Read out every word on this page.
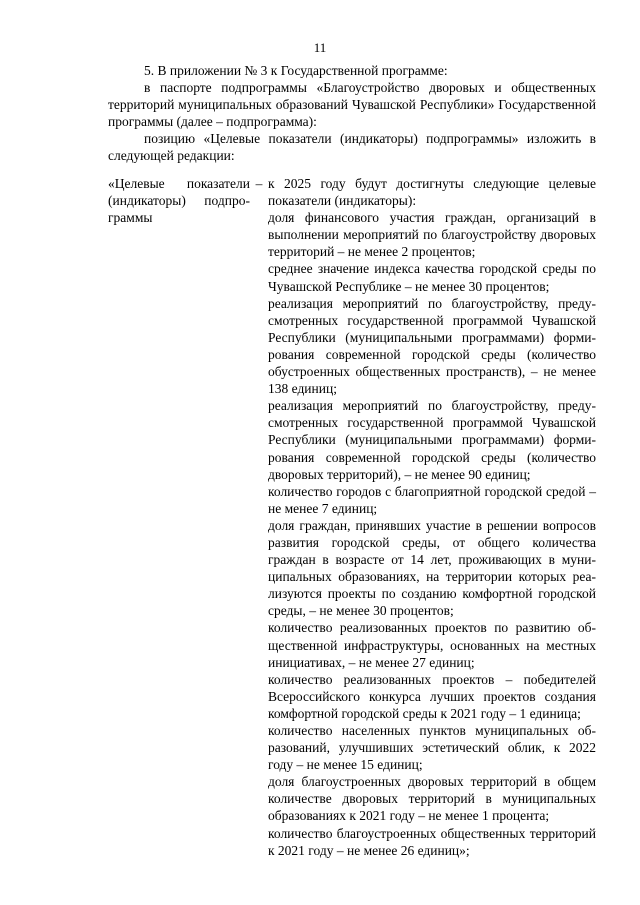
11

5. В приложении № 3 к Государственной программе:

в паспорте подпрограммы «Благоустройство дворовых и общественных территорий муниципальных образований Чувашской Республики» Государственной программы (далее – подпрограмма):

позицию «Целевые показатели (индикаторы) подпрограммы» изложить в следующей редакции:

«Целевые показатели (индикаторы) подпрограммы
– к 2025 году будут достигнуты следующие целевые показатели (индикаторы):
доля финансового участия граждан, организаций в выполнении мероприятий по благоустройству дворовых территорий – не менее 2 процентов;
среднее значение индекса качества городской среды по Чувашской Республике – не менее 30 процентов;
реализация мероприятий по благоустройству, предусмотренных государственной программой Чувашской Республики (муниципальными программами) формирования современной городской среды (количество обустроенных общественных пространств), – не менее 138 единиц;
реализация мероприятий по благоустройству, предусмотренных государственной программой Чувашской Республики (муниципальными программами) формирования современной городской среды (количество дворовых территорий), – не менее 90 единиц;
количество городов с благоприятной городской средой – не менее 7 единиц;
доля граждан, принявших участие в решении вопросов развития городской среды, от общего количества граждан в возрасте от 14 лет, проживающих в муниципальных образованиях, на территории которых реализуются проекты по созданию комфортной городской среды, – не менее 30 процентов;
количество реализованных проектов по развитию общественной инфраструктуры, основанных на местных инициативах, – не менее 27 единиц;
количество реализованных проектов – победителей Всероссийского конкурса лучших проектов создания комфортной городской среды к 2021 году – 1 единица;
количество населенных пунктов муниципальных образований, улучшивших эстетический облик, к 2022 году – не менее 15 единиц;
доля благоустроенных дворовых территорий в общем количестве дворовых территорий в муниципальных образованиях к 2021 году – не менее 1 процента;
количество благоустроенных общественных территорий к 2021 году – не менее 26 единиц»;
